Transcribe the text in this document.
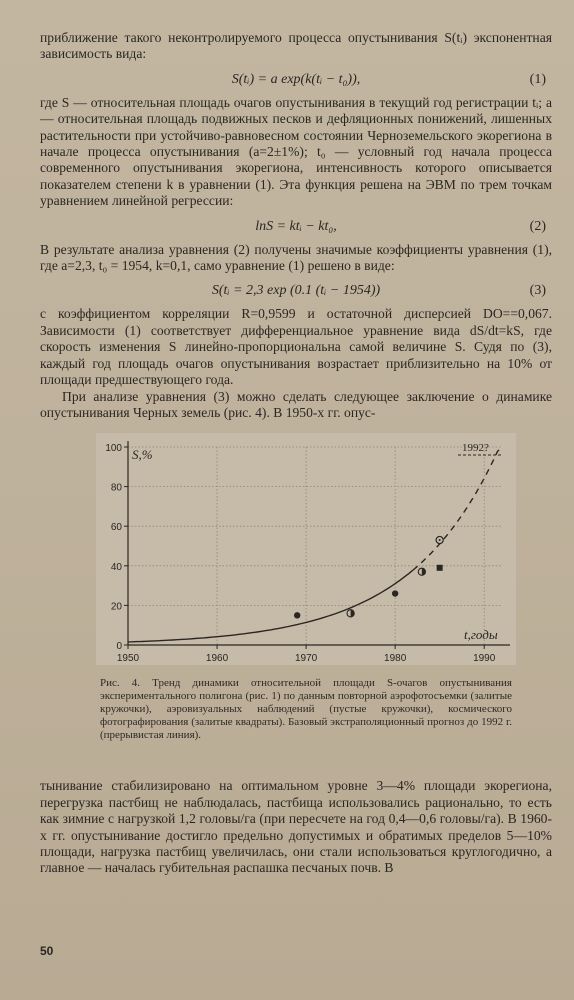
приближение такого неконтролируемого процесса опустынивания S(tᵢ) экспонентная зависимость вида:

S(tᵢ) = a exp(k(tᵢ − t₀)),	(1)

где S — относительная площадь очагов опустынивания в текущий год регистрации tᵢ; a — относительная площадь подвижных песков и дефляционных понижений, лишенных растительности при устойчиво-равновесном состоянии Черноземельского экорегиона в начале процесса опустынивания (a=2±1%); t₀ — условный год начала процесса современного опустынивания экорегиона, интенсивность которого описывается показателем степени k в уравнении (1). Эта функция решена на ЭВМ по трем точкам уравнением линейной регрессии:

lnS = ktᵢ − kt₀,	(2)

В результате анализа уравнения (2) получены значимые коэффициенты уравнения (1), где a=2,3, t₀ = 1954, k=0,1, само уравнение (1) решено в виде:

S(tᵢ = 2,3 exp (0.1 (tᵢ − 1954))	(3)

с коэффициентом корреляции R=0,9599 и остаточной дисперсией DO==0,067. Зависимости (1) соответствует дифференциальное уравнение вида dS/dt=kS, где скорость изменения S линейно-пропорциональна самой величине S. Судя по (3), каждый год площадь очагов опустынивания возрастает приблизительно на 10% от площади предшествующего года.

При анализе уравнения (3) можно сделать следующее заключение о динамике опустынивания Черных земель (рис. 4). В 1950-х гг. опус-

0
20
40
60
80
100
1950	1960	1970	1980	1990
S,%
t,годы
1992?

Рис. 4. Тренд динамики относительной площади S-очагов опустынивания экспериментального полигона (рис. 1) по данным повторной аэрофотосъемки (залитые кружочки), аэровизуальных наблюдений (пустые кружочки), космического фотографирования (залитые квадраты). Базовый экстраполяционный прогноз до 1992 г. (прерывистая линия).

тынивание стабилизировано на оптимальном уровне 3—4% площади экорегиона, перегрузка пастбищ не наблюдалась, пастбища использовались рационально, то есть как зимние с нагрузкой 1,2 головы/га (при пересчете на год 0,4—0,6 головы/га). В 1960-х гг. опустынивание достигло предельно допустимых и обратимых пределов 5—10% площади, нагрузка пастбищ увеличилась, они стали использоваться круглогодично, а главное — началась губительная распашка песчаных почв. В

50
